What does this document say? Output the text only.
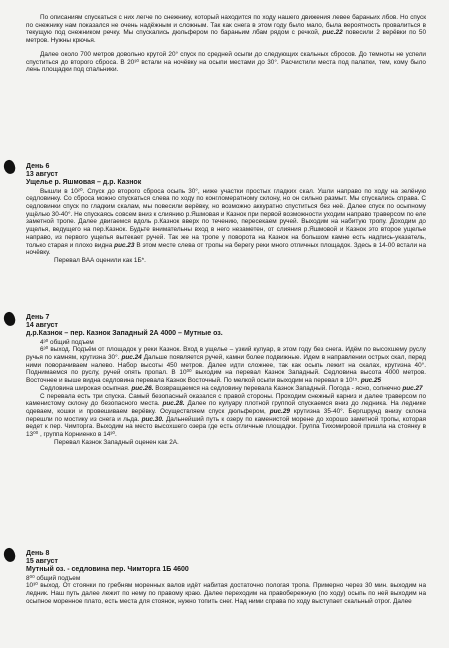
По описаниям спускаться с них легче по снежнику, который находится по ходу нашего движения левее бараньих лбов. Но спуск по снежнику нам показался не очень надёжным и сложным. Так как снега в этом году было мало, была вероятность провалиться в текущую под снежником речку. Мы спускались дюльфером по бараньим лбам рядом с речкой, рис.22 повесили 2 верёвки по 50 метров. Нужны крючья.

Далее около 700 метров довольно крутой 20° спуск по средней осыпи до следующих скальных сбросов. До темноты не успели спуститься до второго сброса. В 20³⁰ встали на ночёвку на осыпи местами до 30°. Расчистили места под палатки, тем, кому было лень площадки под спальники.

День 6
13 август
Ущелье р. Яшмовая – д.р. Казнок

Вышли в 10²⁰. Спуск до второго сброса осыпь 30°, ниже участки простых гладких скал. Ушли направо по ходу на зелёную седловинку. Со сброса можно спускаться слева по ходу по конгломератному склону, но он сильно размыт. Мы спускались справа. С седловинки спуск по гладким скалам, мы повесили верёвку, но возможно аккуратно спуститься без неё. Далее спуск по осыпному ущёлью 30-40°. Не спускаясь совсем вниз к слиянию р.Яшмовая и Казнок при первой возможности уходим направо траверсом по еле заметной тропе. Далее двигаемся вдоль р.Казнок вверх по течению, пересекаем ручей. Выходим на набитую тропу. Доходим до ущелья, ведущего на пер.Казнок. Будьте внимательны вход в него незаметен, от слияния р.Яшмовой и Казнок это второе ущелье направо, из первого ущелья вытекает ручей. Так же на тропе у поворота на Казнок на большом камне есть надпись-указатель, только старая и плохо видна рис.23 В этом месте слева от тропы на берегу реки много отличных площадок. Здесь в 14-00 встали на ночёвку.

Перевал ВАА оценили как 1Б*.

День 7
14 август
д.р.Казнок – пер. Казнок Западный 2А 4000 – Мутные оз.

4³⁰ общий подъем

6³⁰ выход. Подъём от площадок у реки Казнок. Вход в ущелье – узкий кулуар, в этом году без снега. Идём по высохшему руслу ручья по камням, крутизна 30°. рис.24 Дальше появляется ручей, камни более подвижные. Идем в направлении острых скал, перед ними поворачиваем налево. Набор высоты 450 метров. Далее идти сложнее, так как осыпь лежит на скалах, крутизна 40°. Поднимаемся по руслу, ручей опять пропал. В 10⁰⁰ выходим на перевал Казнок Западный. Седловина высота 4000 метров. Восточнее и выше видна седловина перевала Казнок Восточный. По мелкой осыпи выходим на перевал в 10¹⁵. рис.25

Седловина широкая осыпная. рис.26. Возвращаемся на седловину перевала Казнок Западный. Погода - ясно, солнечно рис.27

С перевала есть три спуска. Самый безопасный оказался с правой стороны. Проходим снежный карниз и далее траверсом по каменистому склону до безопасного места. рис.28. Далее по кулуару плотной группой спускаемся вниз до ледника. На леднике одеваем, кошки и провешиваем верёвку. Осуществляем спуск дюльфером, рис.29 крутизна 35-40°. Бергшрунд внизу склона перешли по мостику из снега и льда. рис.30. Дальнейший путь к озеру по каменистой морене до хорошо заметной тропы, которая ведет к пер. Чимторга. Выходим на место высохшего озера где есть отличные площадки. Группа Тихомировой пришла на стоянку в 13⁰⁰ , группа Корниенко в 14³⁰.

Перевал Казнок Западный оценен как 2А.

День 8
15 август
Мутный оз. - седловина пер. Чимторга 1Б 4600

8⁰⁰ общий подъем

10³⁰ выход. От стоянки по гребням моренных валов идёт набитая достаточно пологая тропа. Примерно через 30 мин. выходим на ледник. Наш путь далее лежит по нему по правому краю. Далее переходим на правобережную (по ходу) осыпь по ней выходим на осыпное моренное плато, есть места для стоянок, нужно топить снег. Над ними справа по ходу выступает скальный отрог. Далее
